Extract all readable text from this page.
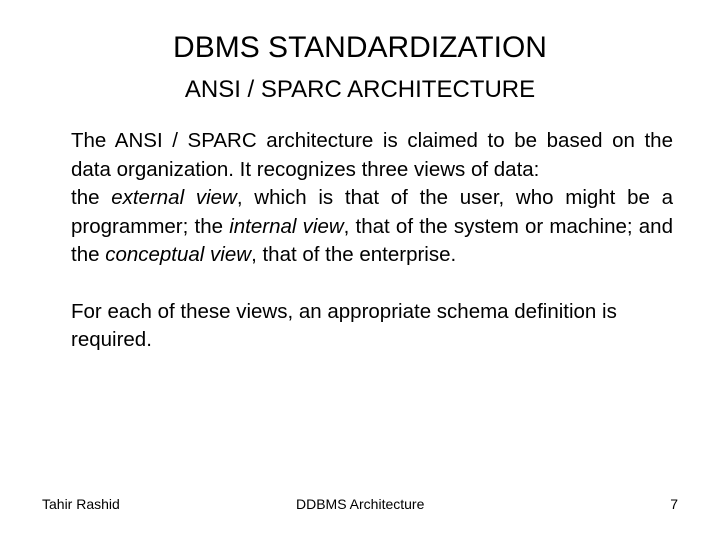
DBMS STANDARDIZATION
ANSI / SPARC ARCHITECTURE

The ANSI / SPARC architecture is claimed to be based on the data organization. It recognizes three views of data:

the external view, which is that of the user, who might be a programmer; the internal view, that of the system or machine; and the conceptual view, that of the enterprise.

For each of these views, an appropriate schema definition is required.

Tahir Rashid	DDBMS Architecture	7
